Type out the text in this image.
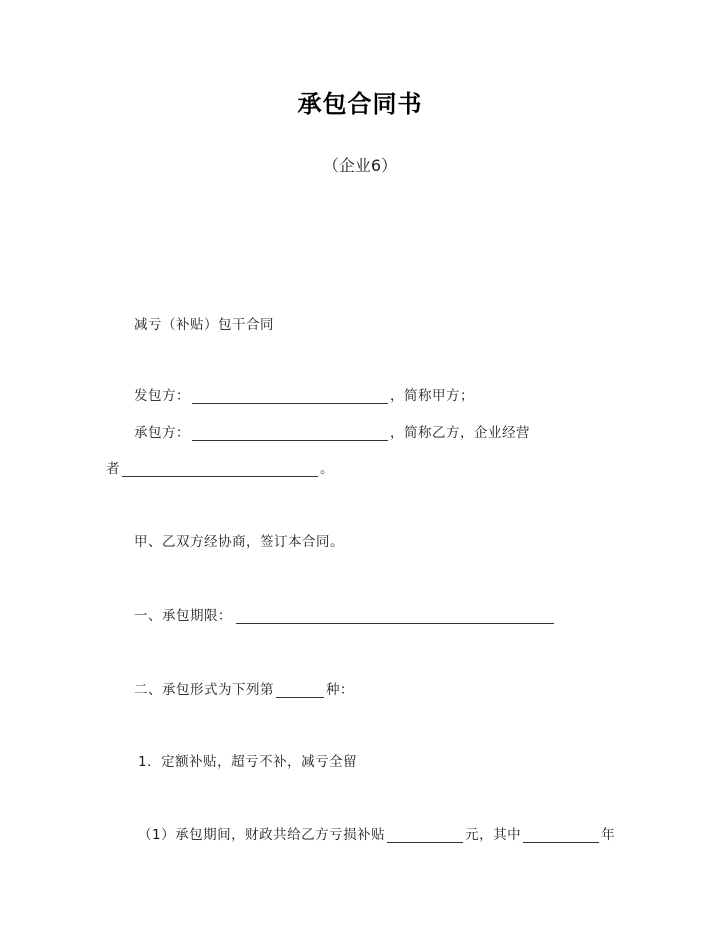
承包合同书
（企业6）
减亏（补贴）包干合同
发包方：	，简称甲方；
承包方：	，简称乙方，企业经营
者	。
甲、乙双方经协商，签订本合同。
一、承包期限：
二、承包形式为下列第	种：
1．定额补贴，超亏不补，减亏全留
（1）承包期间，财政共给乙方亏损补贴	元，其中	年
